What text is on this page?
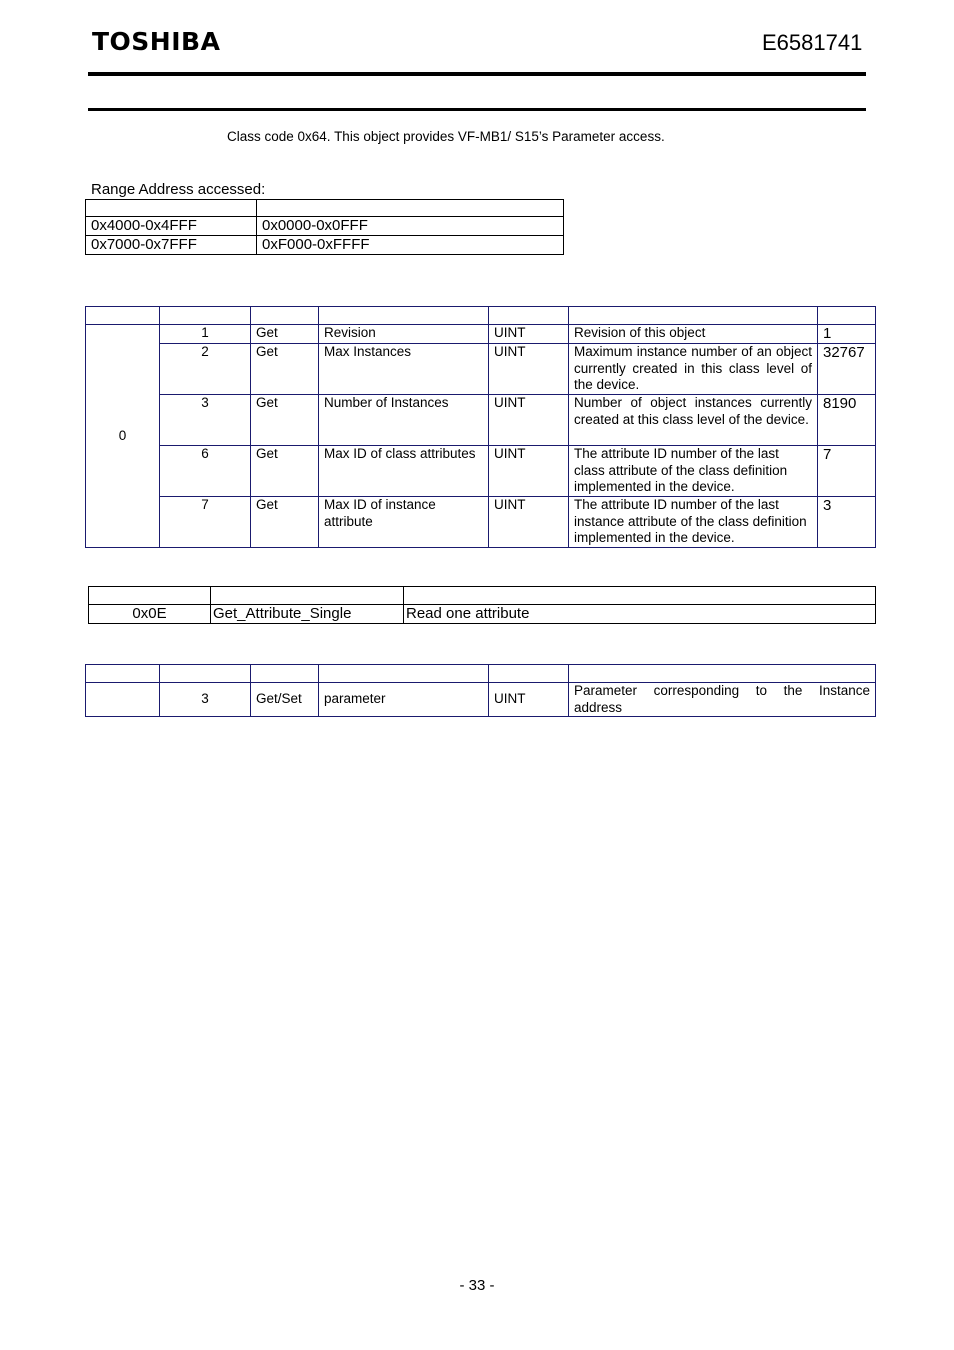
TOSHIBA	E6581741
Class code 0x64. This object provides VF-MB1/ S15’s Parameter access.
Range Address accessed:

0x4000-0x4FFF	0x0000-0x0FFF
0x7000-0x7FFF	0xF000-0xFFFF

0	1	Get	Revision	UINT	Revision of this object	1
	2	Get	Max Instances	UINT	Maximum instance number of an object currently created in this class level of the device.	32767
	3	Get	Number of Instances	UINT	Number of object instances currently created at this class level of the device.	8190
	6	Get	Max ID of class attributes	UINT	The attribute ID number of the last class attribute of the class definition implemented in the device.	7
	7	Get	Max ID of instance attribute	UINT	The attribute ID number of the last instance attribute of the class definition implemented in the device.	3

0x0E	Get_Attribute_Single	Read one attribute

	3	Get/Set	parameter	UINT	Parameter corresponding to the Instance address
- 33 -
